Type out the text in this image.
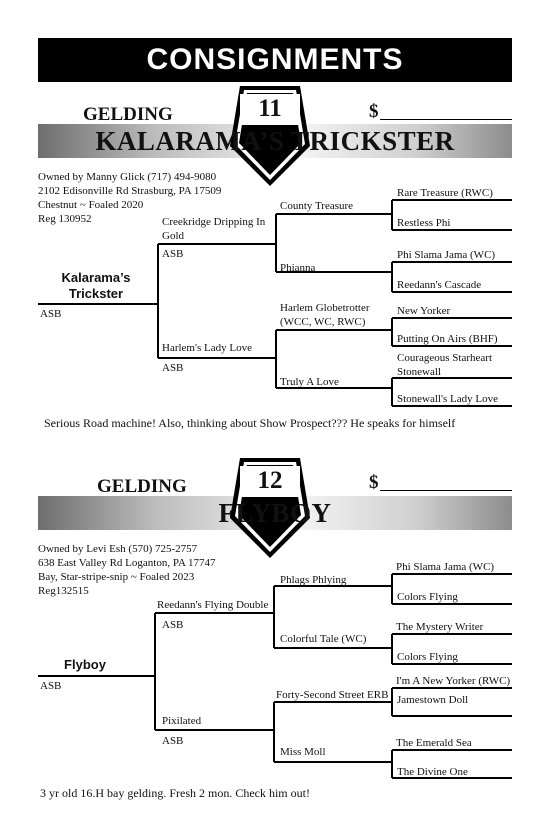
CONSIGNMENTS
11
GELDING	$
KALARAMA’S TRICKSTER
Owned by Manny Glick (717) 494-9080
2102 Edisonville Rd Strasburg, PA 17509
Chestnut ~ Foaled 2020
Reg 130952
Kalarama’s Trickster
ASB
Creekridge Dripping In Gold
ASB
Harlem's Lady Love
ASB
County Treasure
Phianna
Harlem Globetrotter (WCC, WC, RWC)
Truly A Love
Rare Treasure (RWC)
Restless Phi
Phi Slama Jama (WC)
Reedann's Cascade
New Yorker
Putting On Airs (BHF)
Courageous Starheart Stonewall
Stonewall's Lady Love
Serious Road machine! Also, thinking about Show Prospect??? He speaks for himself
12
GELDING	$
FLYBOY
Owned by Levi Esh (570) 725-2757
638 East Valley Rd Loganton, PA 17747
Bay, Star-stripe-snip ~ Foaled 2023
Reg132515
Flyboy
ASB
Reedann's Flying Double
ASB
Pixilated
ASB
Phlags Phlying
Colorful Tale (WC)
Forty-Second Street ERB
Miss Moll
Phi Slama Jama (WC)
Colors Flying
The Mystery Writer
Colors Flying
I'm A New Yorker (RWC)
Jamestown Doll
The Emerald Sea
The Divine One
3 yr old 16.H bay gelding. Fresh 2 mon. Check him out!
